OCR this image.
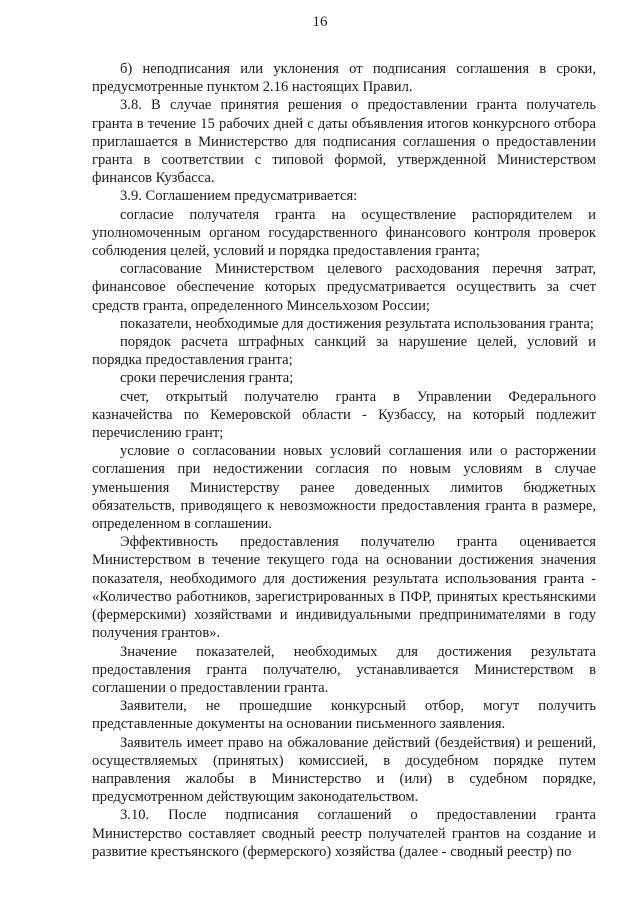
16

б) неподписания или уклонения от подписания соглашения в сроки, предусмотренные пунктом 2.16 настоящих Правил.

3.8. В случае принятия решения о предоставлении гранта получатель гранта в течение 15 рабочих дней с даты объявления итогов конкурсного отбора приглашается в Министерство для подписания соглашения о предоставлении гранта в соответствии с типовой формой, утвержденной Министерством финансов Кузбасса.

3.9. Соглашением предусматривается:

согласие получателя гранта на осуществление распорядителем и уполномоченным органом государственного финансового контроля проверок соблюдения целей, условий и порядка предоставления гранта;

согласование Министерством целевого расходования перечня затрат, финансовое обеспечение которых предусматривается осуществить за счет средств гранта, определенного Минсельхозом России;

показатели, необходимые для достижения результата использования гранта;

порядок расчета штрафных санкций за нарушение целей, условий и порядка предоставления гранта;

сроки перечисления гранта;

счет, открытый получателю гранта в Управлении Федерального казначейства по Кемеровской области - Кузбассу, на который подлежит перечислению грант;

условие о согласовании новых условий соглашения или о расторжении соглашения при недостижении согласия по новым условиям в случае уменьшения Министерству ранее доведенных лимитов бюджетных обязательств, приводящего к невозможности предоставления гранта в размере, определенном в соглашении.

Эффективность предоставления получателю гранта оценивается Министерством в течение текущего года на основании достижения значения показателя, необходимого для достижения результата использования гранта - «Количество работников, зарегистрированных в ПФР, принятых крестьянскими (фермерскими) хозяйствами и индивидуальными предпринимателями в году получения грантов».

Значение показателей, необходимых для достижения результата предоставления гранта получателю, устанавливается Министерством в соглашении о предоставлении гранта.

Заявители, не прошедшие конкурсный отбор, могут получить представленные документы на основании письменного заявления.

Заявитель имеет право на обжалование действий (бездействия) и решений, осуществляемых (принятых) комиссией, в досудебном порядке путем направления жалобы в Министерство и (или) в судебном порядке, предусмотренном действующим законодательством.

3.10. После подписания соглашений о предоставлении гранта Министерство составляет сводный реестр получателей грантов на создание и развитие крестьянского (фермерского) хозяйства (далее - сводный реестр) по
